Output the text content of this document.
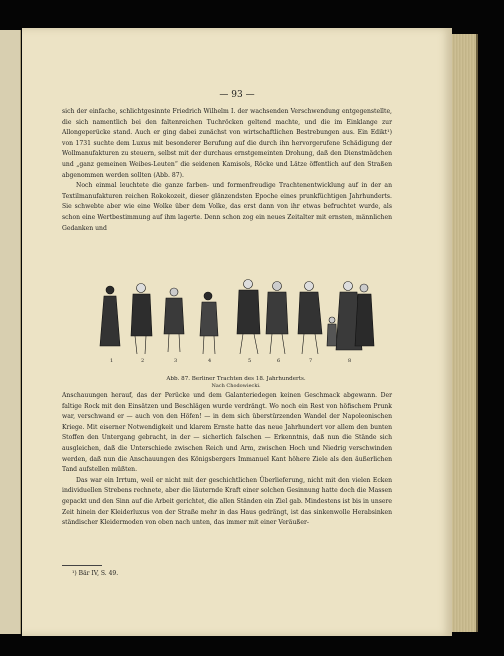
— 93 —

sich der einfache, schlichtgesinnte Friedrich Wilhelm I. der wachsenden Verschwendung entgegenstellte, die sich namentlich bei den faltenreichen Tuchröcken geltend machte, und die im Einklange zur Allongeperücke stand. Auch er ging dabei zunächst von wirtschaftlichen Bestrebungen aus. Ein Edikt¹) von 1731 suchte dem Luxus mit besonderer Berufung auf die durch ihn hervorgerufene Schädigung der Wollmanufakturen zu steuern, selbst mit der durchaus ernstgemeinten Drohung, daß den Dienstmädchen und „ganz gemeinen Weibes-Leuten“ die seidenen Kamisols, Röcke und Lätze öffentlich auf den Straßen abgenommen werden sollten (Abb. 87).

Noch einmal leuchtete die ganze farben- und formenfreudige Trachtenentwicklung auf in der an Textilmanufakturen reichen Rokokozeit, dieser glänzendsten Epoche eines prunkfüchtigen Jahrhunderts. Sie schwebte aber wie eine Wolke über dem Volke, das erst dann von ihr etwas befruchtet wurde, als schon eine Wertbestimmung auf ihm lagerte. Denn schon zog ein neues Zeitalter mit ernsten, männlichen Gedanken und

1	2	3	4	5	6	7	8
Abb. 87. Berliner Trachten des 18. Jahrhunderts.
Nach Chodowiecki.

Anschauungen herauf, das der Perücke und dem Galanteriedegen keinen Geschmack abgewann. Der faltige Rock mit den Einsätzen und Beschlägen wurde verdrängt. Wo noch ein Rest von höfischem Prunk war, verschwand er — auch von den Höfen! — in dem sich überstürzenden Wandel der Napoleonischen Kriege. Mit eiserner Notwendigkeit und klarem Ernste hatte das neue Jahrhundert vor allem den bunten Stoffen den Untergang gebracht, in der — sicherlich falschen — Erkenntnis, daß nun die Stände sich ausgleichen, daß die Unterschiede zwischen Reich und Arm, zwischen Hoch und Niedrig verschwinden werden, daß nun die Anschauungen des Königsbergers Immanuel Kant höhere Ziele als den äußerlichen Tand aufstellen müßten.

Das war ein Irrtum, weil er nicht mit der geschichtlichen Überlieferung, nicht mit den vielen Ecken individuellen Strebens rechnete, aber die läuternde Kraft einer solchen Gesinnung hatte doch die Massen gepackt und den Sinn auf die Arbeit gerichtet, die allen Ständen ein Ziel gab. Mindestens ist bis in unsere Zeit hinein der Kleiderluxus von der Straße mehr in das Haus gedrängt, ist das sinkenwolle Herabsinken ständischer Kleidermoden von oben nach unten, das immer mit einer Veräußer-

¹) Bär IV, S. 49.
